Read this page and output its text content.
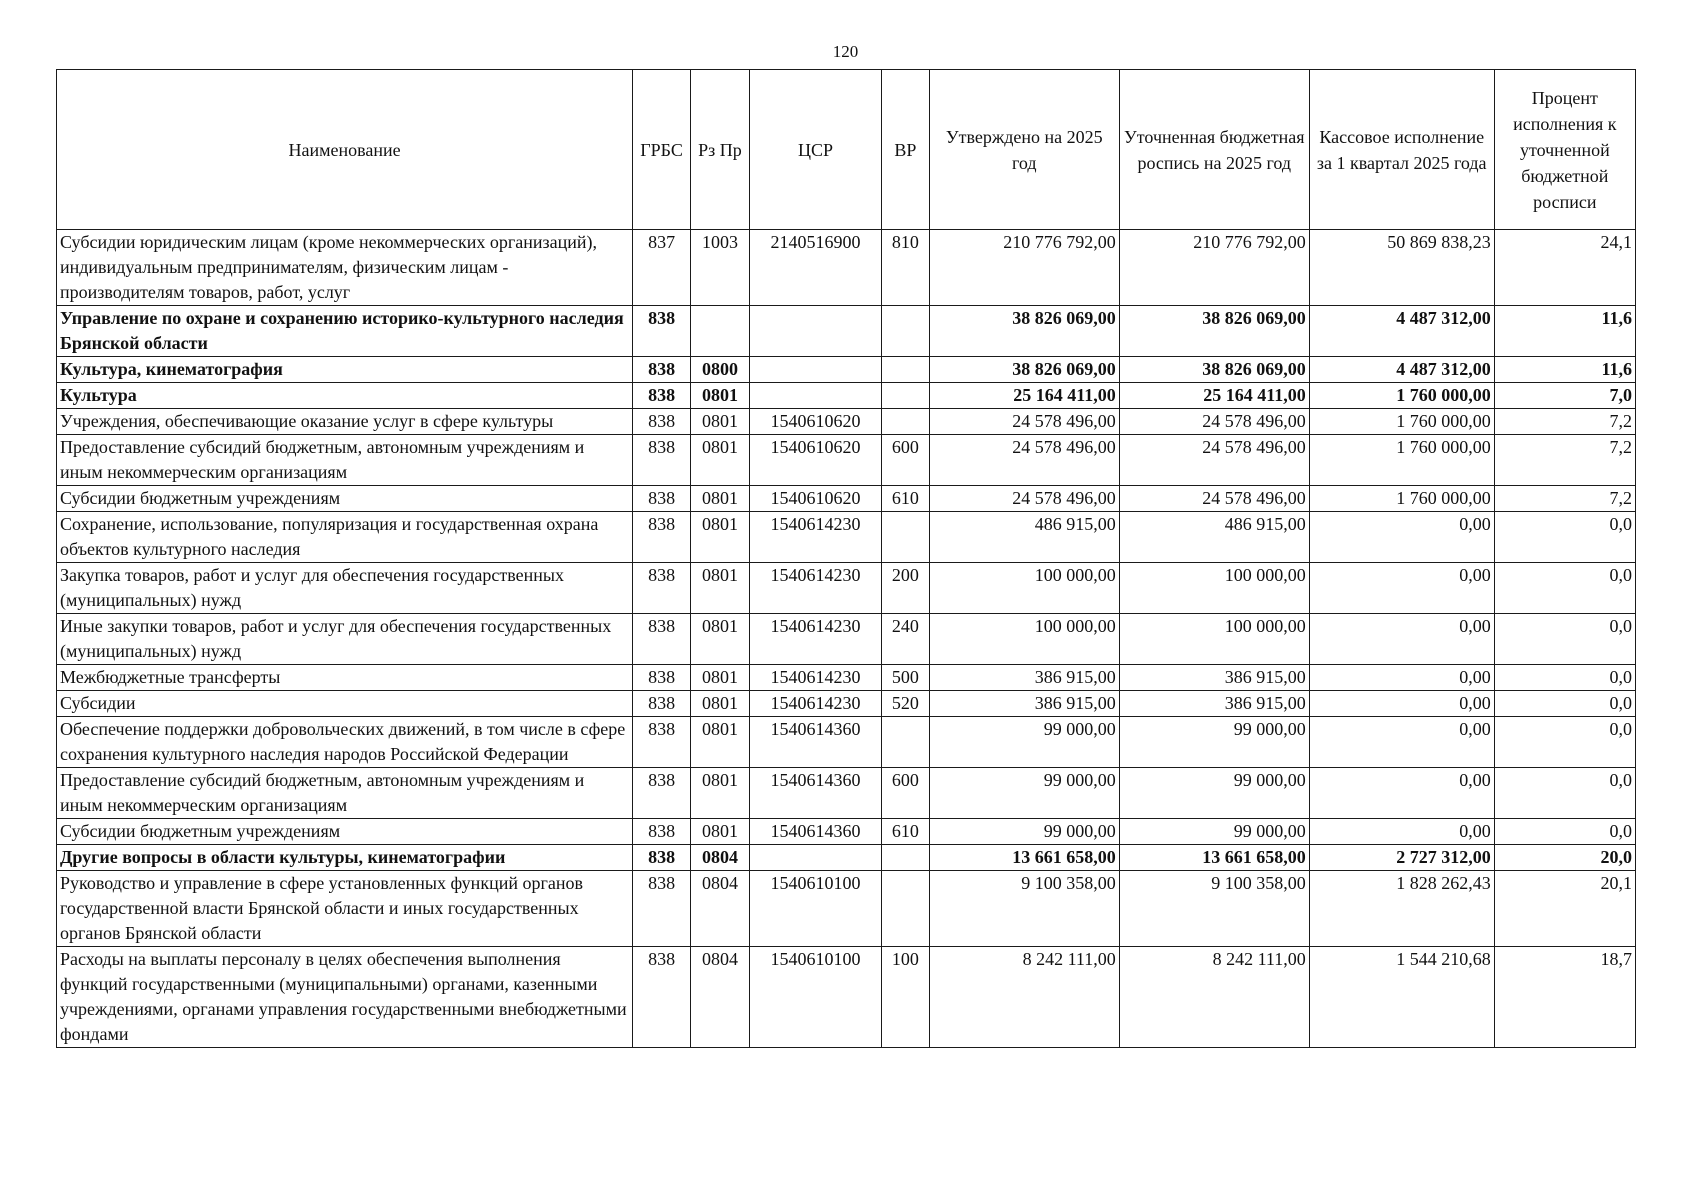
120
Наименование	ГРБС	Рз Пр	ЦСР	ВР	Утверждено на 2025 год	Уточненная бюджетная роспись на 2025 год	Кассовое исполнение за 1 квартал 2025 года	Процент исполнения к уточненной бюджетной росписи
Субсидии юридическим лицам (кроме некоммерческих организаций), индивидуальным предпринимателям, физическим лицам - производителям товаров, работ, услуг	837	1003	2140516900	810	210 776 792,00	210 776 792,00	50 869 838,23	24,1
Управление по охране и сохранению историко-культурного наследия Брянской области	838				38 826 069,00	38 826 069,00	4 487 312,00	11,6
Культура, кинематография	838	0800			38 826 069,00	38 826 069,00	4 487 312,00	11,6
Культура	838	0801			25 164 411,00	25 164 411,00	1 760 000,00	7,0
Учреждения, обеспечивающие оказание услуг в сфере культуры	838	0801	1540610620		24 578 496,00	24 578 496,00	1 760 000,00	7,2
Предоставление субсидий бюджетным, автономным учреждениям и иным некоммерческим организациям	838	0801	1540610620	600	24 578 496,00	24 578 496,00	1 760 000,00	7,2
Субсидии бюджетным учреждениям	838	0801	1540610620	610	24 578 496,00	24 578 496,00	1 760 000,00	7,2
Сохранение, использование, популяризация и государственная охрана объектов культурного наследия	838	0801	1540614230		486 915,00	486 915,00	0,00	0,0
Закупка товаров, работ и услуг для обеспечения государственных (муниципальных) нужд	838	0801	1540614230	200	100 000,00	100 000,00	0,00	0,0
Иные закупки товаров, работ и услуг для обеспечения государственных (муниципальных) нужд	838	0801	1540614230	240	100 000,00	100 000,00	0,00	0,0
Межбюджетные трансферты	838	0801	1540614230	500	386 915,00	386 915,00	0,00	0,0
Субсидии	838	0801	1540614230	520	386 915,00	386 915,00	0,00	0,0
Обеспечение поддержки добровольческих движений, в том числе в сфере сохранения культурного наследия народов Российской Федерации	838	0801	1540614360		99 000,00	99 000,00	0,00	0,0
Предоставление субсидий бюджетным, автономным учреждениям и иным некоммерческим организациям	838	0801	1540614360	600	99 000,00	99 000,00	0,00	0,0
Субсидии бюджетным учреждениям	838	0801	1540614360	610	99 000,00	99 000,00	0,00	0,0
Другие вопросы в области культуры, кинематографии	838	0804			13 661 658,00	13 661 658,00	2 727 312,00	20,0
Руководство и управление в сфере установленных функций органов государственной власти Брянской области и иных государственных органов Брянской области	838	0804	1540610100		9 100 358,00	9 100 358,00	1 828 262,43	20,1
Расходы на выплаты персоналу в целях обеспечения выполнения функций государственными (муниципальными) органами, казенными учреждениями, органами управления государственными внебюджетными фондами	838	0804	1540610100	100	8 242 111,00	8 242 111,00	1 544 210,68	18,7
